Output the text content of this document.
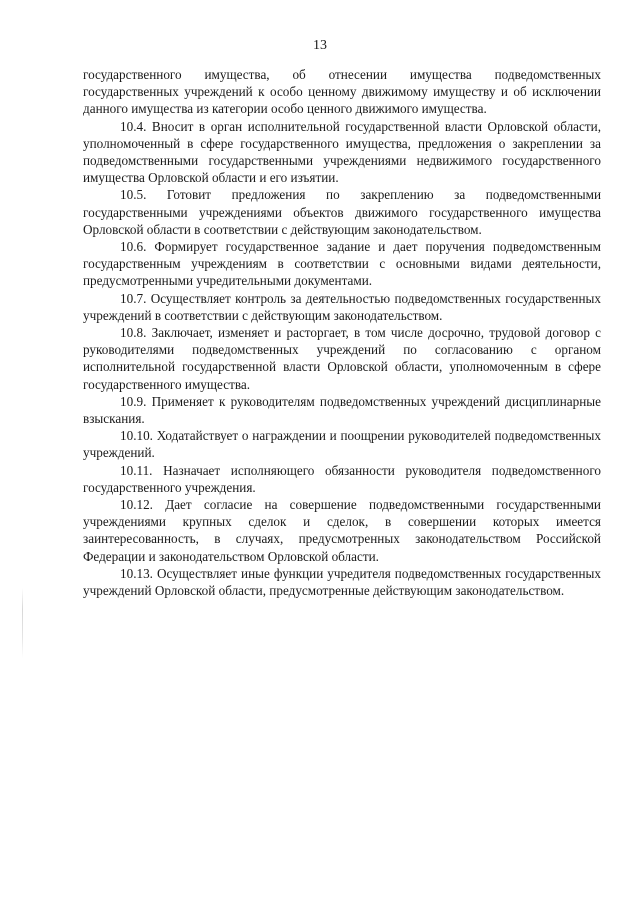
13

государственного имущества, об отнесении имущества подведомственных государственных учреждений к особо ценному движимому имуществу и об исключении данного имущества из категории особо ценного движимого имущества.

10.4. Вносит в орган исполнительной государственной власти Орловской области, уполномоченный в сфере государственного имущества, предложения о закреплении за подведомственными государственными учреждениями недвижимого государственного имущества Орловской области и его изъятии.

10.5. Готовит предложения по закреплению за подведомственными государственными учреждениями объектов движимого государственного имущества Орловской области в соответствии с действующим законодательством.

10.6. Формирует государственное задание и дает поручения подведомственным государственным учреждениям в соответствии с основными видами деятельности, предусмотренными учредительными документами.

10.7. Осуществляет контроль за деятельностью подведомственных государственных учреждений в соответствии с действующим законодательством.

10.8. Заключает, изменяет и расторгает, в том числе досрочно, трудовой договор с руководителями подведомственных учреждений по согласованию с органом исполнительной государственной власти Орловской области, уполномоченным в сфере государственного имущества.

10.9. Применяет к руководителям подведомственных учреждений дисциплинарные взыскания.

10.10. Ходатайствует о награждении и поощрении руководителей подведомственных учреждений.

10.11. Назначает исполняющего обязанности руководителя подведомственного государственного учреждения.

10.12. Дает согласие на совершение подведомственными государственными учреждениями крупных сделок и сделок, в совершении которых имеется заинтересованность, в случаях, предусмотренных законодательством Российской Федерации и законодательством Орловской области.

10.13. Осуществляет иные функции учредителя подведомственных государственных учреждений Орловской области, предусмотренные действующим законодательством.
